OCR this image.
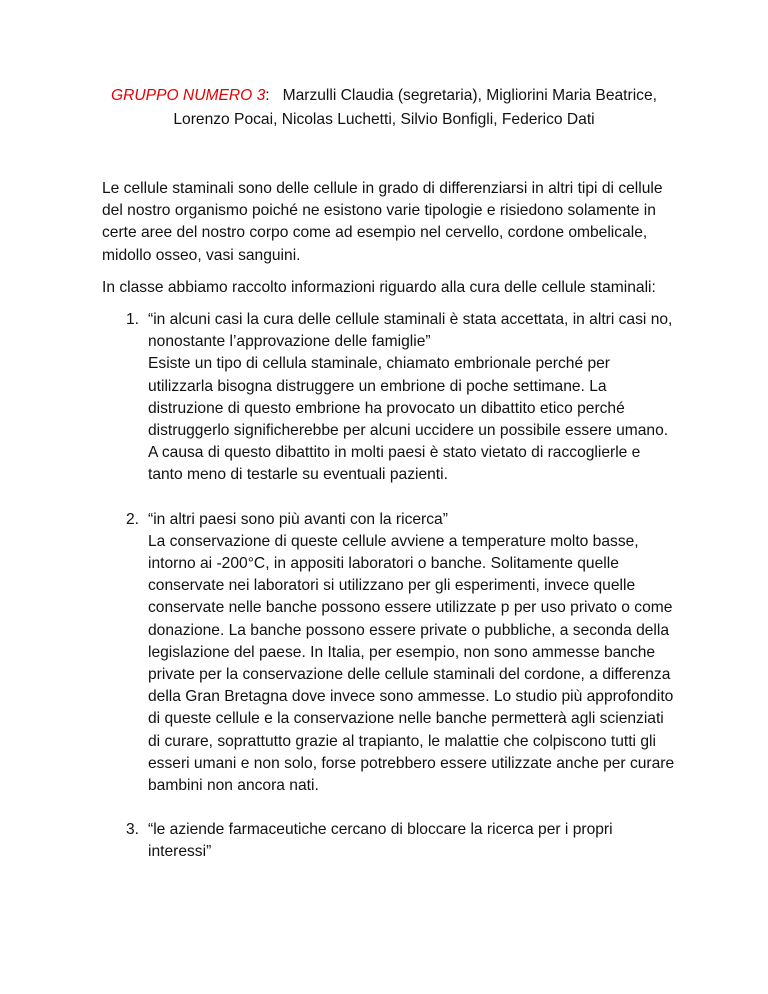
GRUPPO NUMERO 3: Marzulli Claudia (segretaria), Migliorini Maria Beatrice,
Lorenzo Pocai, Nicolas Luchetti, Silvio Bonfigli, Federico Dati

Le cellule staminali sono delle cellule in grado di differenziarsi in altri tipi di cellule del nostro organismo poiché ne esistono varie tipologie e risiedono solamente in certe aree del nostro corpo come ad esempio nel cervello, cordone ombelicale, midollo osseo, vasi sanguini.

In classe abbiamo raccolto informazioni riguardo alla cura delle cellule staminali:

1. “in alcuni casi la cura delle cellule staminali è stata accettata, in altri casi no, nonostante l’approvazione delle famiglie”
Esiste un tipo di cellula staminale, chiamato embrionale perché per utilizzarla bisogna distruggere un embrione di poche settimane. La distruzione di questo embrione ha provocato un dibattito etico perché distruggerlo significherebbe per alcuni uccidere un possibile essere umano. A causa di questo dibattito in molti paesi è stato vietato di raccoglierle e tanto meno di testarle su eventuali pazienti.
2. “in altri paesi sono più avanti con la ricerca”
La conservazione di queste cellule avviene a temperature molto basse, intorno ai -200°C, in appositi laboratori o banche. Solitamente quelle conservate nei laboratori si utilizzano per gli esperimenti, invece quelle conservate nelle banche possono essere utilizzate p per uso privato o come donazione. La banche possono essere private o pubbliche, a seconda della legislazione del paese. In Italia, per esempio, non sono ammesse banche private per la conservazione delle cellule staminali del cordone, a differenza della Gran Bretagna dove invece sono ammesse. Lo studio più approfondito di queste cellule e la conservazione nelle banche permetterà agli scienziati di curare, soprattutto grazie al trapianto, le malattie che colpiscono tutti gli esseri umani e non solo, forse potrebbero essere utilizzate anche per curare bambini non ancora nati.
3. “le aziende farmaceutiche cercano di bloccare la ricerca per i propri interessi”
